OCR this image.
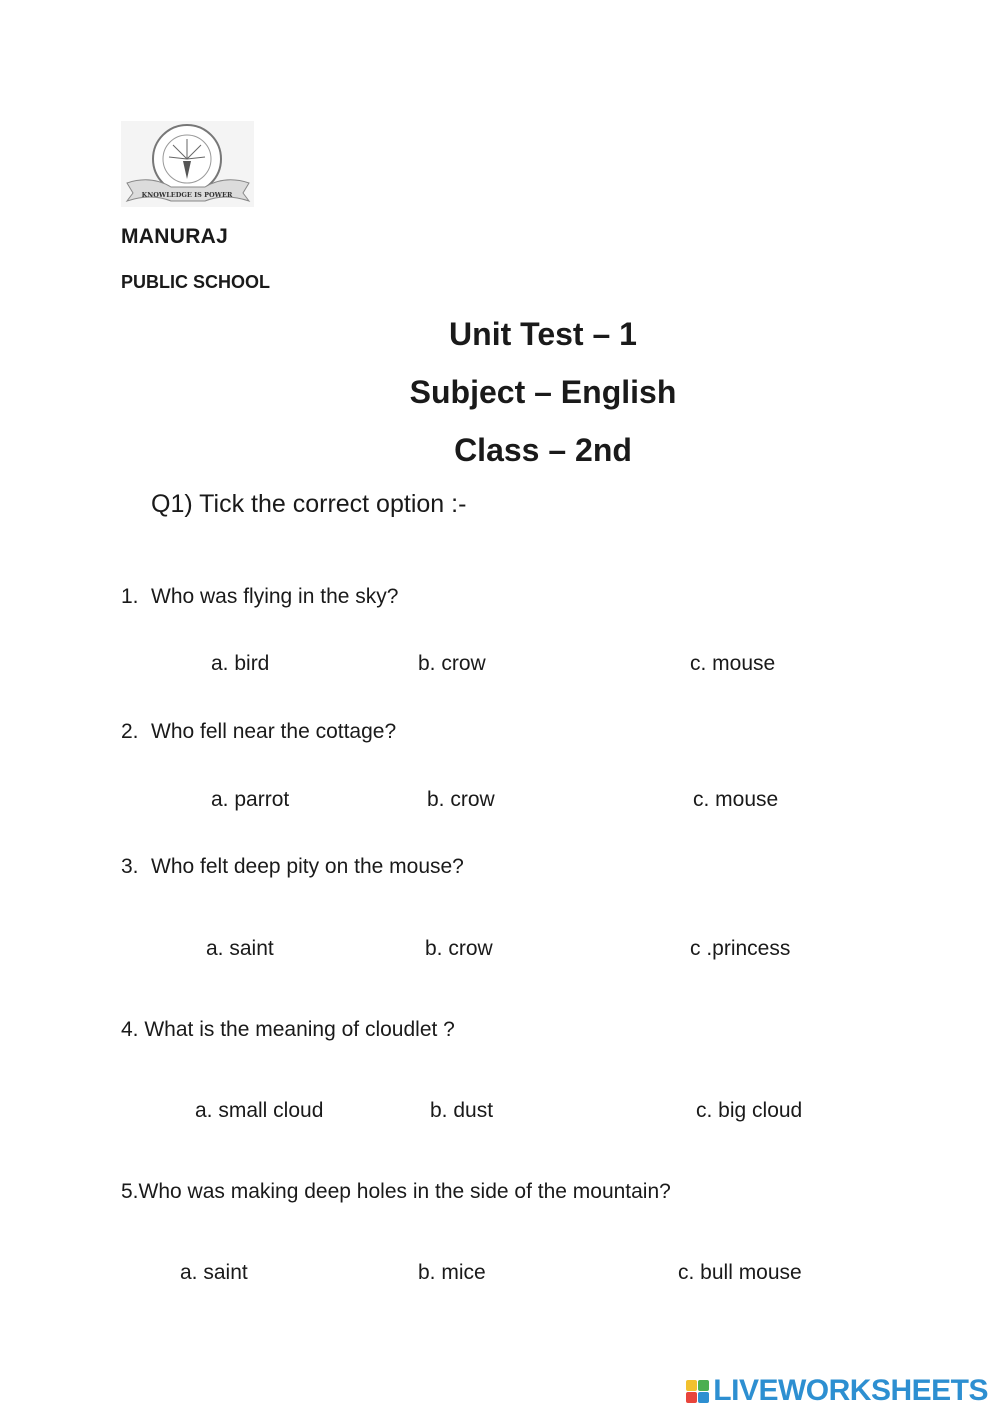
KNOWLEDGE IS POWER
MANURAJ
PUBLIC SCHOOL
Unit Test – 1
Subject – English
Class – 2nd
Q1) Tick the correct option :-
1. Who was flying in the sky?
a. bird	b. crow	c. mouse
2. Who fell near the cottage?
a. parrot	b. crow	c. mouse
3. Who felt deep pity on the mouse?
a. saint	b. crow	c .princess
4. What is the meaning of cloudlet ?
a. small cloud	b. dust	c. big cloud
5.Who was making deep holes in the side of the mountain?
a. saint	b. mice	c. bull mouse
LIVEWORKSHEETS
